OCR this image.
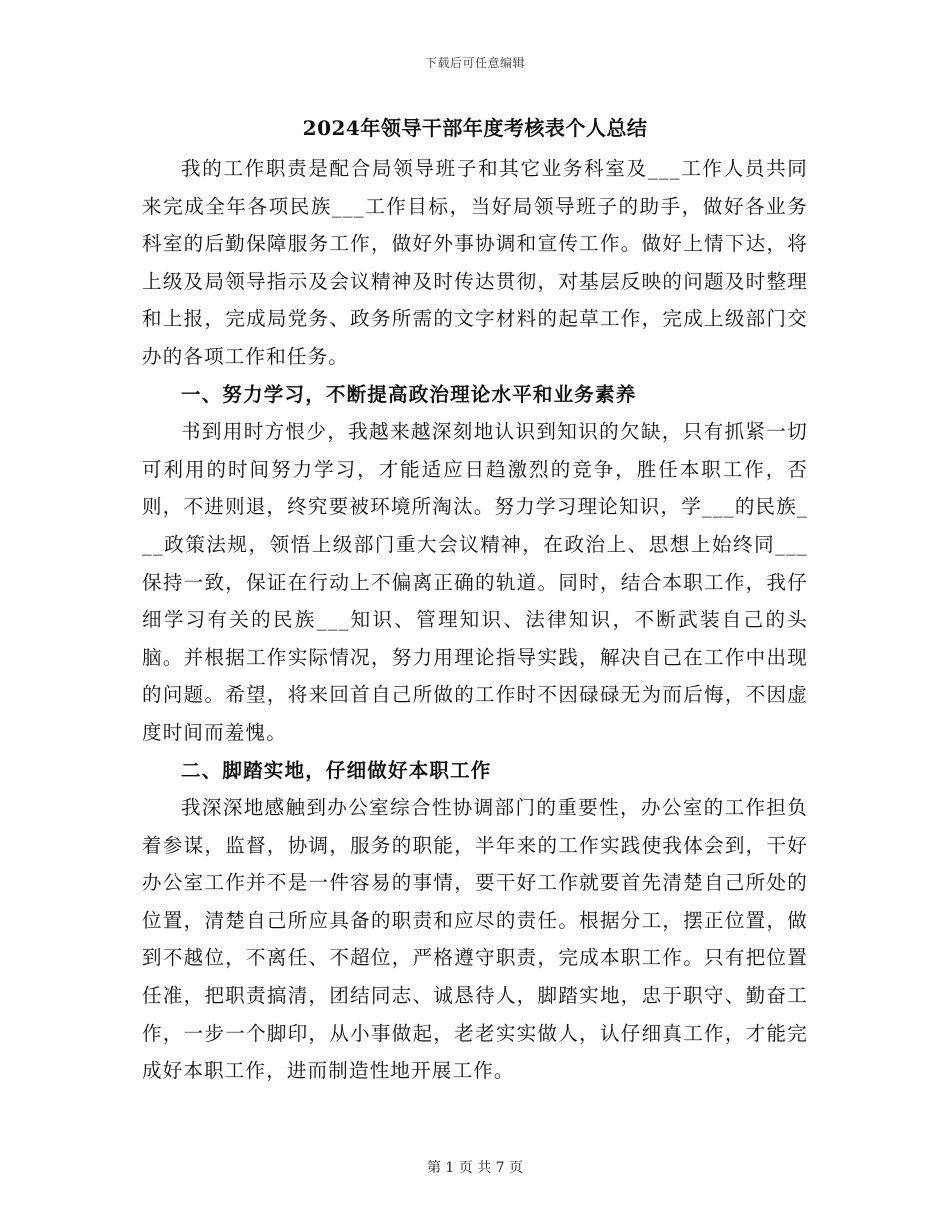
下载后可任意编辑
2024年领导干部年度考核表个人总结

我的工作职责是配合局领导班子和其它业务科室及___工作人员共同来完成全年各项民族___工作目标，当好局领导班子的助手，做好各业务科室的后勤保障服务工作，做好外事协调和宣传工作。做好上情下达，将上级及局领导指示及会议精神及时传达贯彻，对基层反映的问题及时整理和上报，完成局党务、政务所需的文字材料的起草工作，完成上级部门交办的各项工作和任务。

一、努力学习，不断提高政治理论水平和业务素养

书到用时方恨少，我越来越深刻地认识到知识的欠缺，只有抓紧一切可利用的时间努力学习，才能适应日趋激烈的竞争，胜任本职工作，否则，不进则退，终究要被环境所淘汰。努力学习理论知识，学___的民族___政策法规，领悟上级部门重大会议精神，在政治上、思想上始终同___保持一致，保证在行动上不偏离正确的轨道。同时，结合本职工作，我仔细学习有关的民族___知识、管理知识、法律知识，不断武装自己的头脑。并根据工作实际情况，努力用理论指导实践，解决自己在工作中出现的问题。希望，将来回首自己所做的工作时不因碌碌无为而后悔，不因虚度时间而羞愧。

二、脚踏实地，仔细做好本职工作

我深深地感触到办公室综合性协调部门的重要性，办公室的工作担负着参谋，监督，协调，服务的职能，半年来的工作实践使我体会到，干好办公室工作并不是一件容易的事情，要干好工作就要首先清楚自己所处的位置，清楚自己所应具备的职责和应尽的责任。根据分工，摆正位置，做到不越位，不离任、不超位，严格遵守职责，完成本职工作。只有把位置任准，把职责搞清，团结同志、诚恳待人，脚踏实地，忠于职守、勤奋工作，一步一个脚印，从小事做起，老老实实做人，认仔细真工作，才能完成好本职工作，进而制造性地开展工作。

第 1 页 共 7 页
